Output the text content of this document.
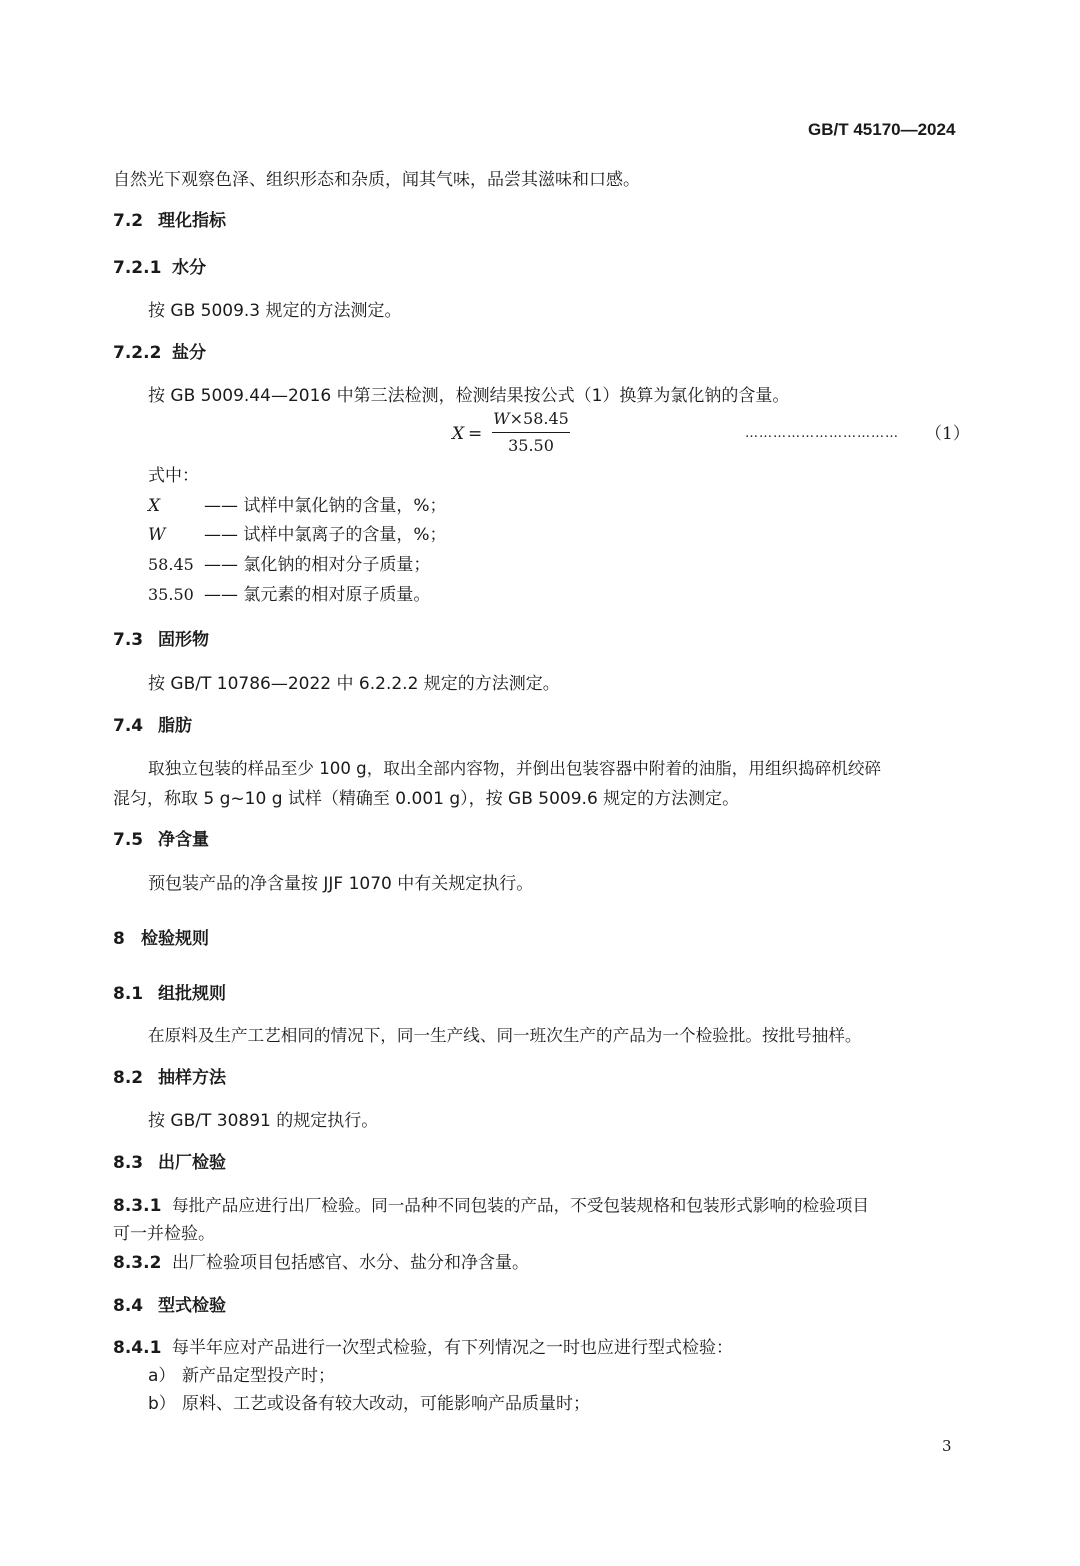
GB/T 45170—2024
自然光下观察色泽、组织形态和杂质，闻其气味，品尝其滋味和口感。
7.2 理化指标
7.2.1 水分
按 GB 5009.3 规定的方法测定。
7.2.2 盐分
按 GB 5009.44—2016 中第三法检测，检测结果按公式（1）换算为氯化钠的含量。
X =
W×58.45
35.50
…………………………… （1）
式中：
X	—— 试样中氯化钠的含量，%；
W —— 试样中氯离子的含量，%；
58.45 —— 氯化钠的相对分子质量；
35.50 —— 氯元素的相对原子质量。
7.3 固形物
按 GB/T 10786—2022 中 6.2.2.2 规定的方法测定。
7.4 脂肪
取独立包装的样品至少 100 g，取出全部内容物，并倒出包装容器中附着的油脂，用组织捣碎机绞碎
混匀，称取 5 g~10 g 试样（精确至 0.001 g），按 GB 5009.6 规定的方法测定。
7.5 净含量
预包装产品的净含量按 JJF 1070 中有关规定执行。
8 检验规则
8.1 组批规则
在原料及生产工艺相同的情况下，同一生产线、同一班次生产的产品为一个检验批。按批号抽样。
8.2 抽样方法
按 GB/T 30891 的规定执行。
8.3 出厂检验
8.3.1 每批产品应进行出厂检验。同一品种不同包装的产品，不受包装规格和包装形式影响的检验项目
可一并检验。
8.3.2 出厂检验项目包括感官、水分、盐分和净含量。
8.4 型式检验
8.4.1 每半年应对产品进行一次型式检验，有下列情况之一时也应进行型式检验：
a） 新产品定型投产时；
b） 原料、工艺或设备有较大改动，可能影响产品质量时；
3
